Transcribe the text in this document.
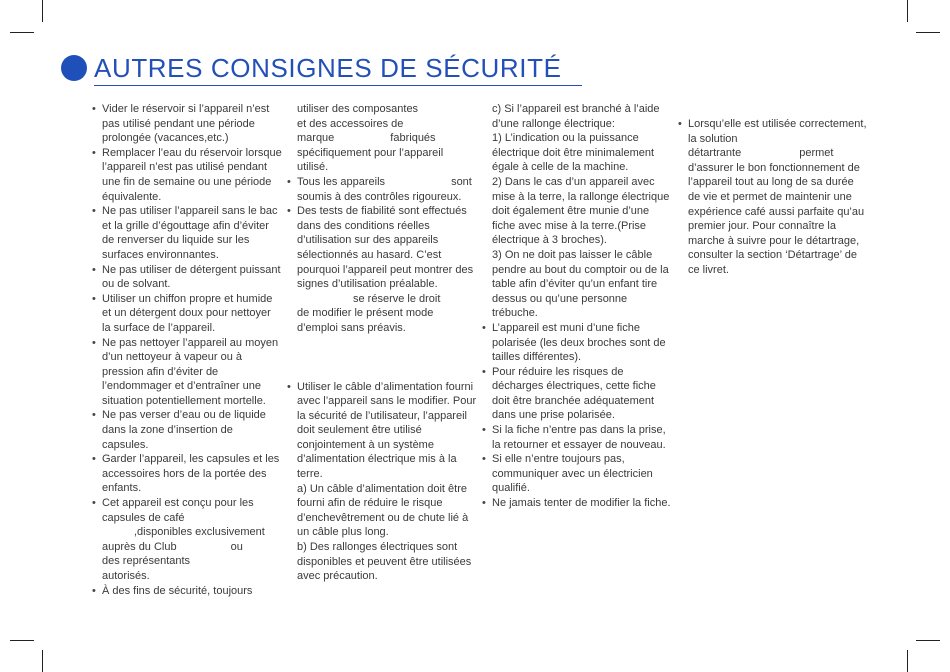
AUTRES CONSIGNES DE SÉCURITÉ
• Vider le réservoir si l’appareil n’est pas utilisé pendant une période prolongée (vacances,etc.)
• Remplacer l’eau du réservoir lorsque l’appareil n’est pas utilisé pendant une fin de semaine ou une période équivalente.
• Ne pas utiliser l’appareil sans le bac et la grille d’égouttage afin d’éviter de renverser du liquide sur les surfaces environnantes.
• Ne pas utiliser de détergent puissant ou de solvant.
• Utiliser un chiffon propre et humide et un détergent doux pour nettoyer la surface de l’appareil.
• Ne pas nettoyer l’appareil au moyen d’un nettoyeur à vapeur ou à pression afin d’éviter de l’endommager et d’entraîner une situation potentiellement mortelle.
• Ne pas verser d’eau ou de liquide dans la zone d’insertion de capsules.
• Garder l’appareil, les capsules et les accessoires hors de la portée des enfants.
• Cet appareil est conçu pour les capsules de café
,disponibles exclusivement
auprès du Club	ou
des représentants
autorisés.
• À des fins de sécurité, toujours
utiliser des composantes
et des accessoires de
marque	fabriqués
spécifiquement pour l’appareil
utilisé.
• Tous les appareils	sont
soumis à des contrôles rigoureux.
• Des tests de fiabilité sont effectués dans des conditions réelles d’utilisation sur des appareils sélectionnés au hasard. C’est pourquoi l’appareil peut montrer des signes d’utilisation préalable.
se réserve le droit
de modifier le présent mode
d’emploi sans préavis.
• Utiliser le câble d’alimentation fourni avec l’appareil sans le modifier. Pour la sécurité de l’utilisateur, l’appareil doit seulement être utilisé conjointement à un système d’alimentation électrique mis à la terre.
a) Un câble d’alimentation doit être fourni afin de réduire le risque d’enchevêtrement ou de chute lié à un câble plus long.
b) Des rallonges électriques sont disponibles et peuvent être utilisées avec précaution.
c) Si l’appareil est branché à l’aide d’une rallonge électrique:
1) L’indication ou la puissance électrique doit être minimalement égale à celle de la machine.
2) Dans le cas d’un appareil avec mise à la terre, la rallonge électrique doit également être munie d’une fiche avec mise à la terre.(Prise électrique à 3 broches).
3) On ne doit pas laisser le câble pendre au bout du comptoir ou de la table afin d’éviter qu’un enfant tire dessus ou qu’une personne trébuche.
• L’appareil est muni d’une fiche polarisée (les deux broches sont de tailles différentes).
• Pour réduire les risques de décharges électriques, cette fiche doit être branchée adéquatement dans une prise polarisée.
• Si la fiche n’entre pas dans la prise, la retourner et essayer de nouveau.
• Si elle n’entre toujours pas, communiquer avec un électricien qualifié.
• Ne jamais tenter de modifier la fiche.
• Lorsqu’elle est utilisée correctement, la solution
détartrante	permet d’assurer le bon fonctionnement de l’appareil tout au long de sa durée de vie et permet de maintenir une expérience café aussi parfaite qu’au premier jour. Pour connaître la marche à suivre pour le détartrage, consulter la section ‘Détartrage’ de ce livret.
